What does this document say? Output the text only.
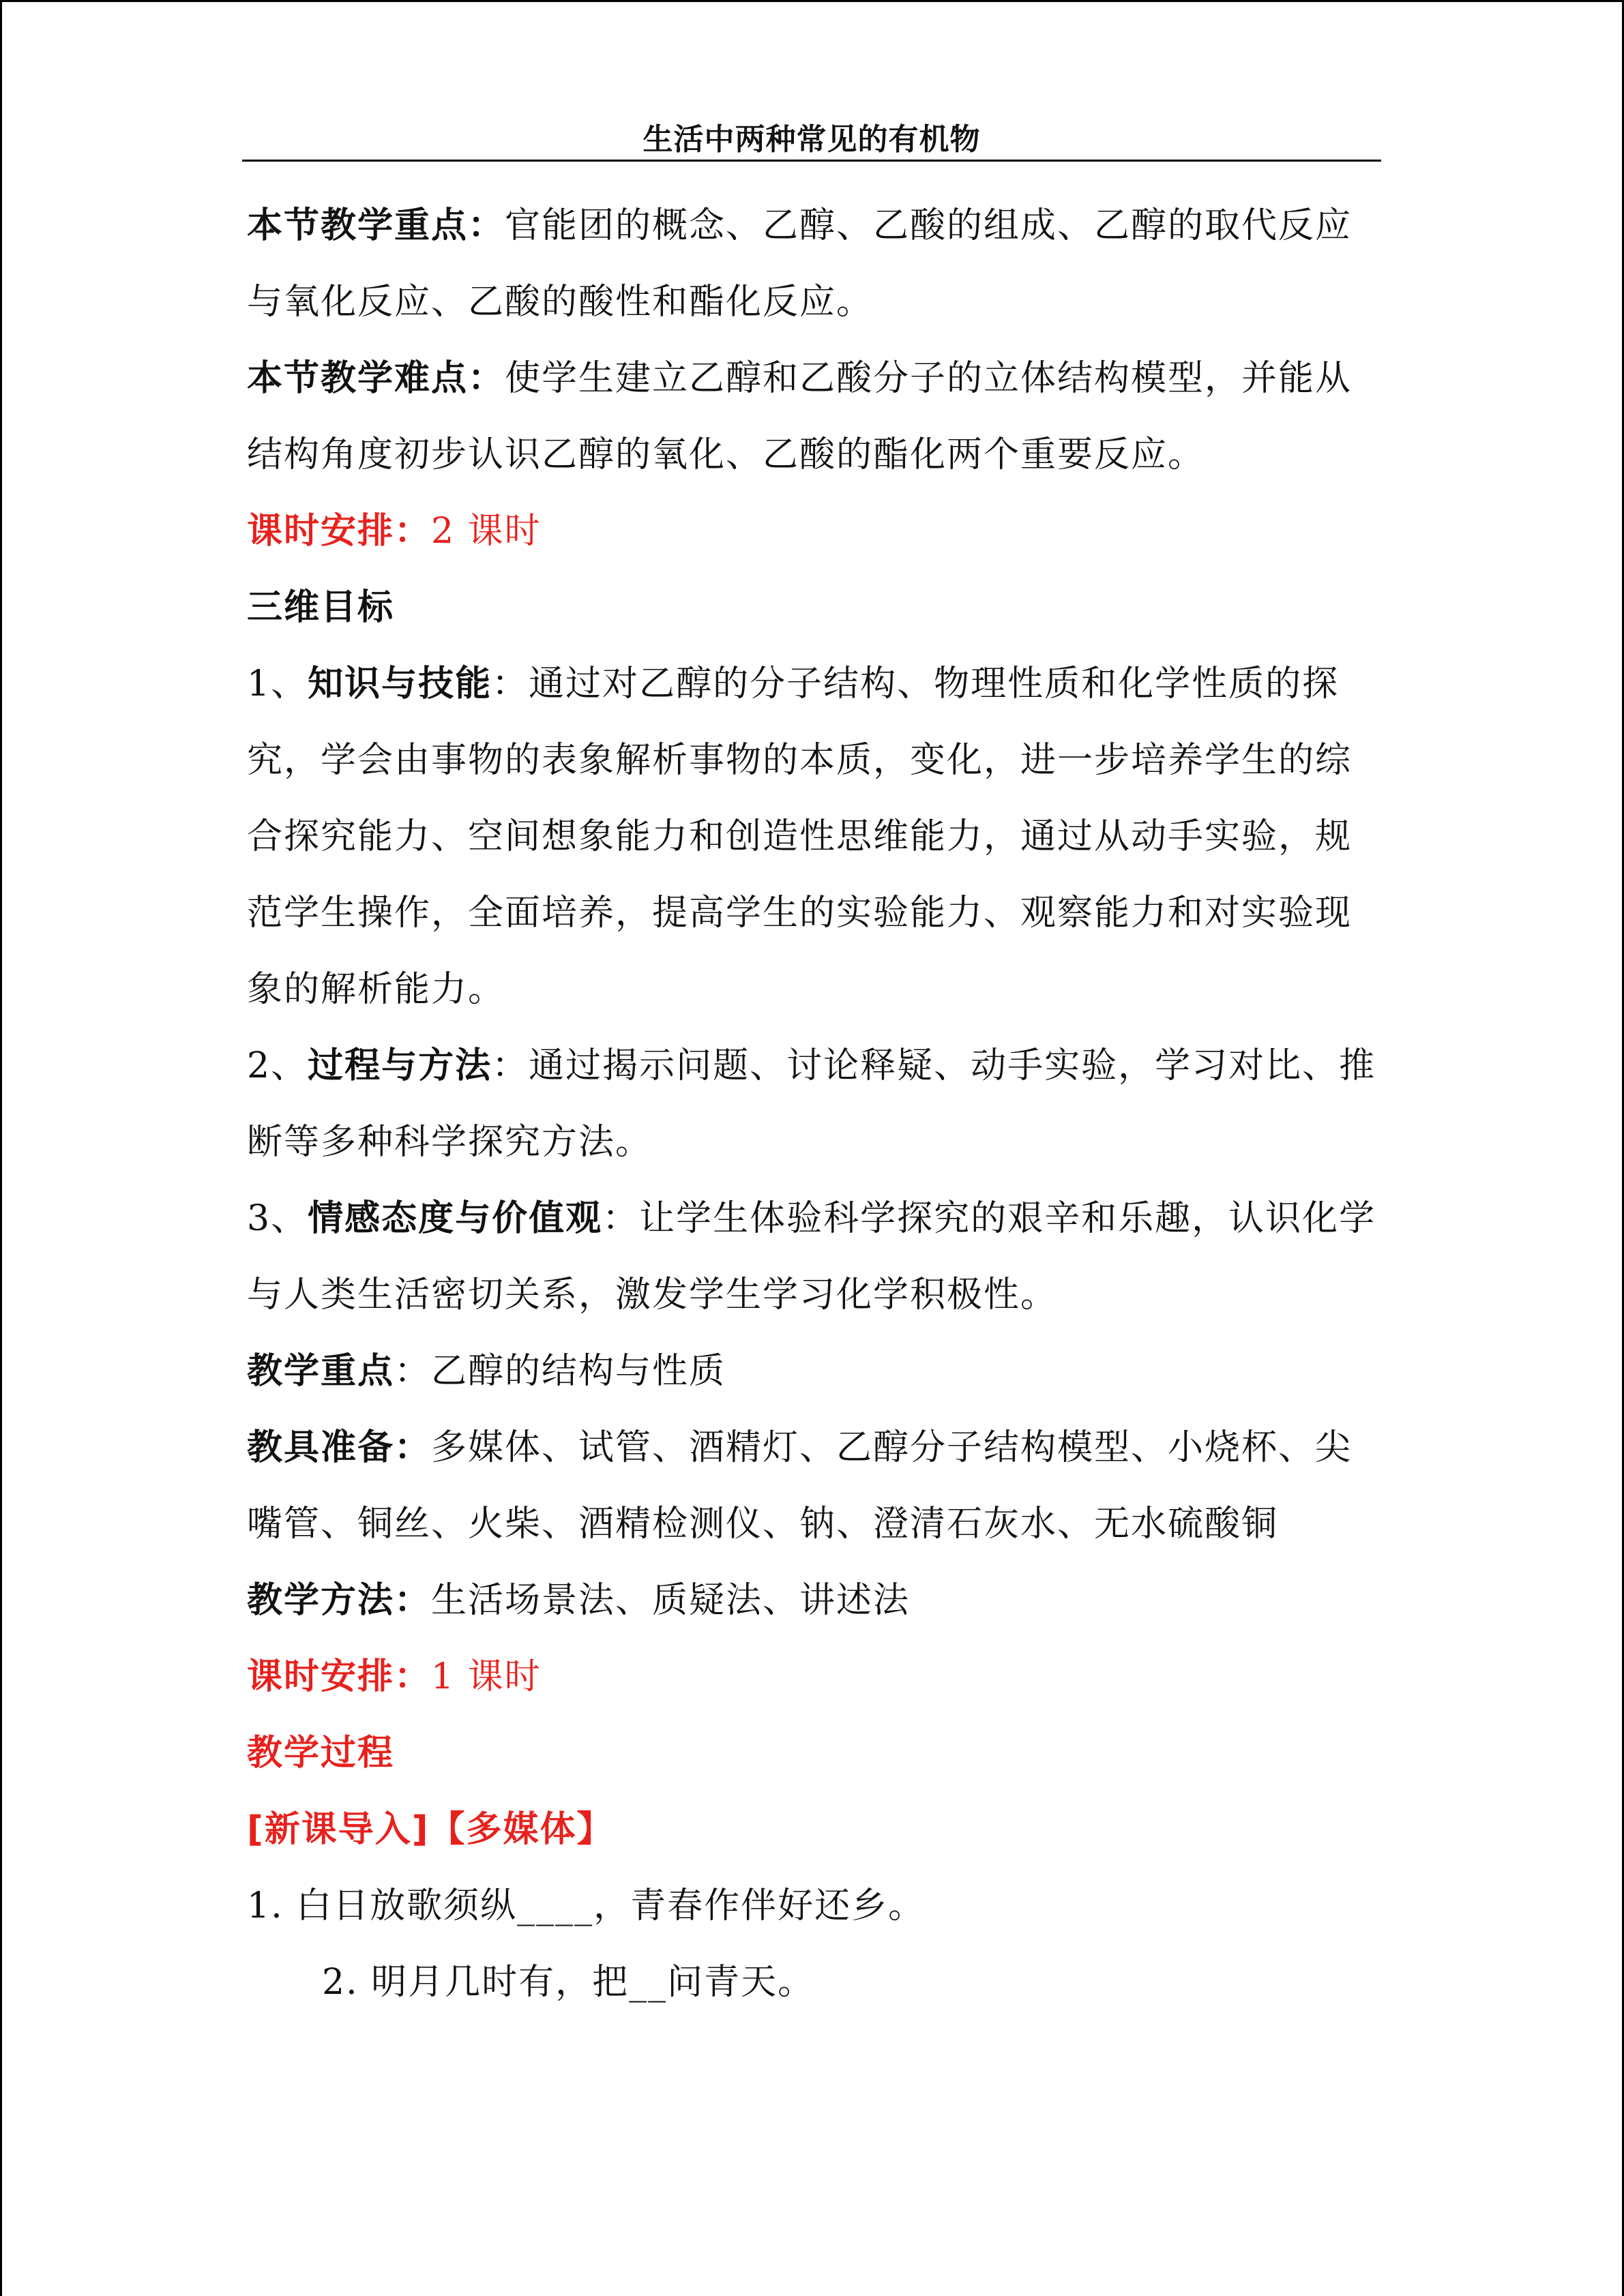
生活中两种常见的有机物

本节教学重点：官能团的概念、乙醇、乙酸的组成、乙醇的取代反应与氧化反应、乙酸的酸性和酯化反应。

本节教学难点：使学生建立乙醇和乙酸分子的立体结构模型，并能从结构角度初步认识乙醇的氧化、乙酸的酯化两个重要反应。

课时安排：2 课时

三维目标

1、知识与技能：通过对乙醇的分子结构、物理性质和化学性质的探究，学会由事物的表象解析事物的本质，变化，进一步培养学生的综合探究能力、空间想象能力和创造性思维能力，通过从动手实验，规范学生操作，全面培养，提高学生的实验能力、观察能力和对实验现象的解析能力。

2、过程与方法：通过揭示问题、讨论释疑、动手实验，学习对比、推断等多种科学探究方法。

3、情感态度与价值观：让学生体验科学探究的艰辛和乐趣，认识化学与人类生活密切关系，激发学生学习化学积极性。

教学重点：乙醇的结构与性质

教具准备：多媒体、试管、酒精灯、乙醇分子结构模型、小烧杯、尖嘴管、铜丝、火柴、酒精检测仪、钠、澄清石灰水、无水硫酸铜

教学方法：生活场景法、质疑法、讲述法

课时安排：1 课时

教学过程

[新课导入]【多媒体】

1. 白日放歌须纵____，青春作伴好还乡。

2. 明月几时有，把__问青天。
